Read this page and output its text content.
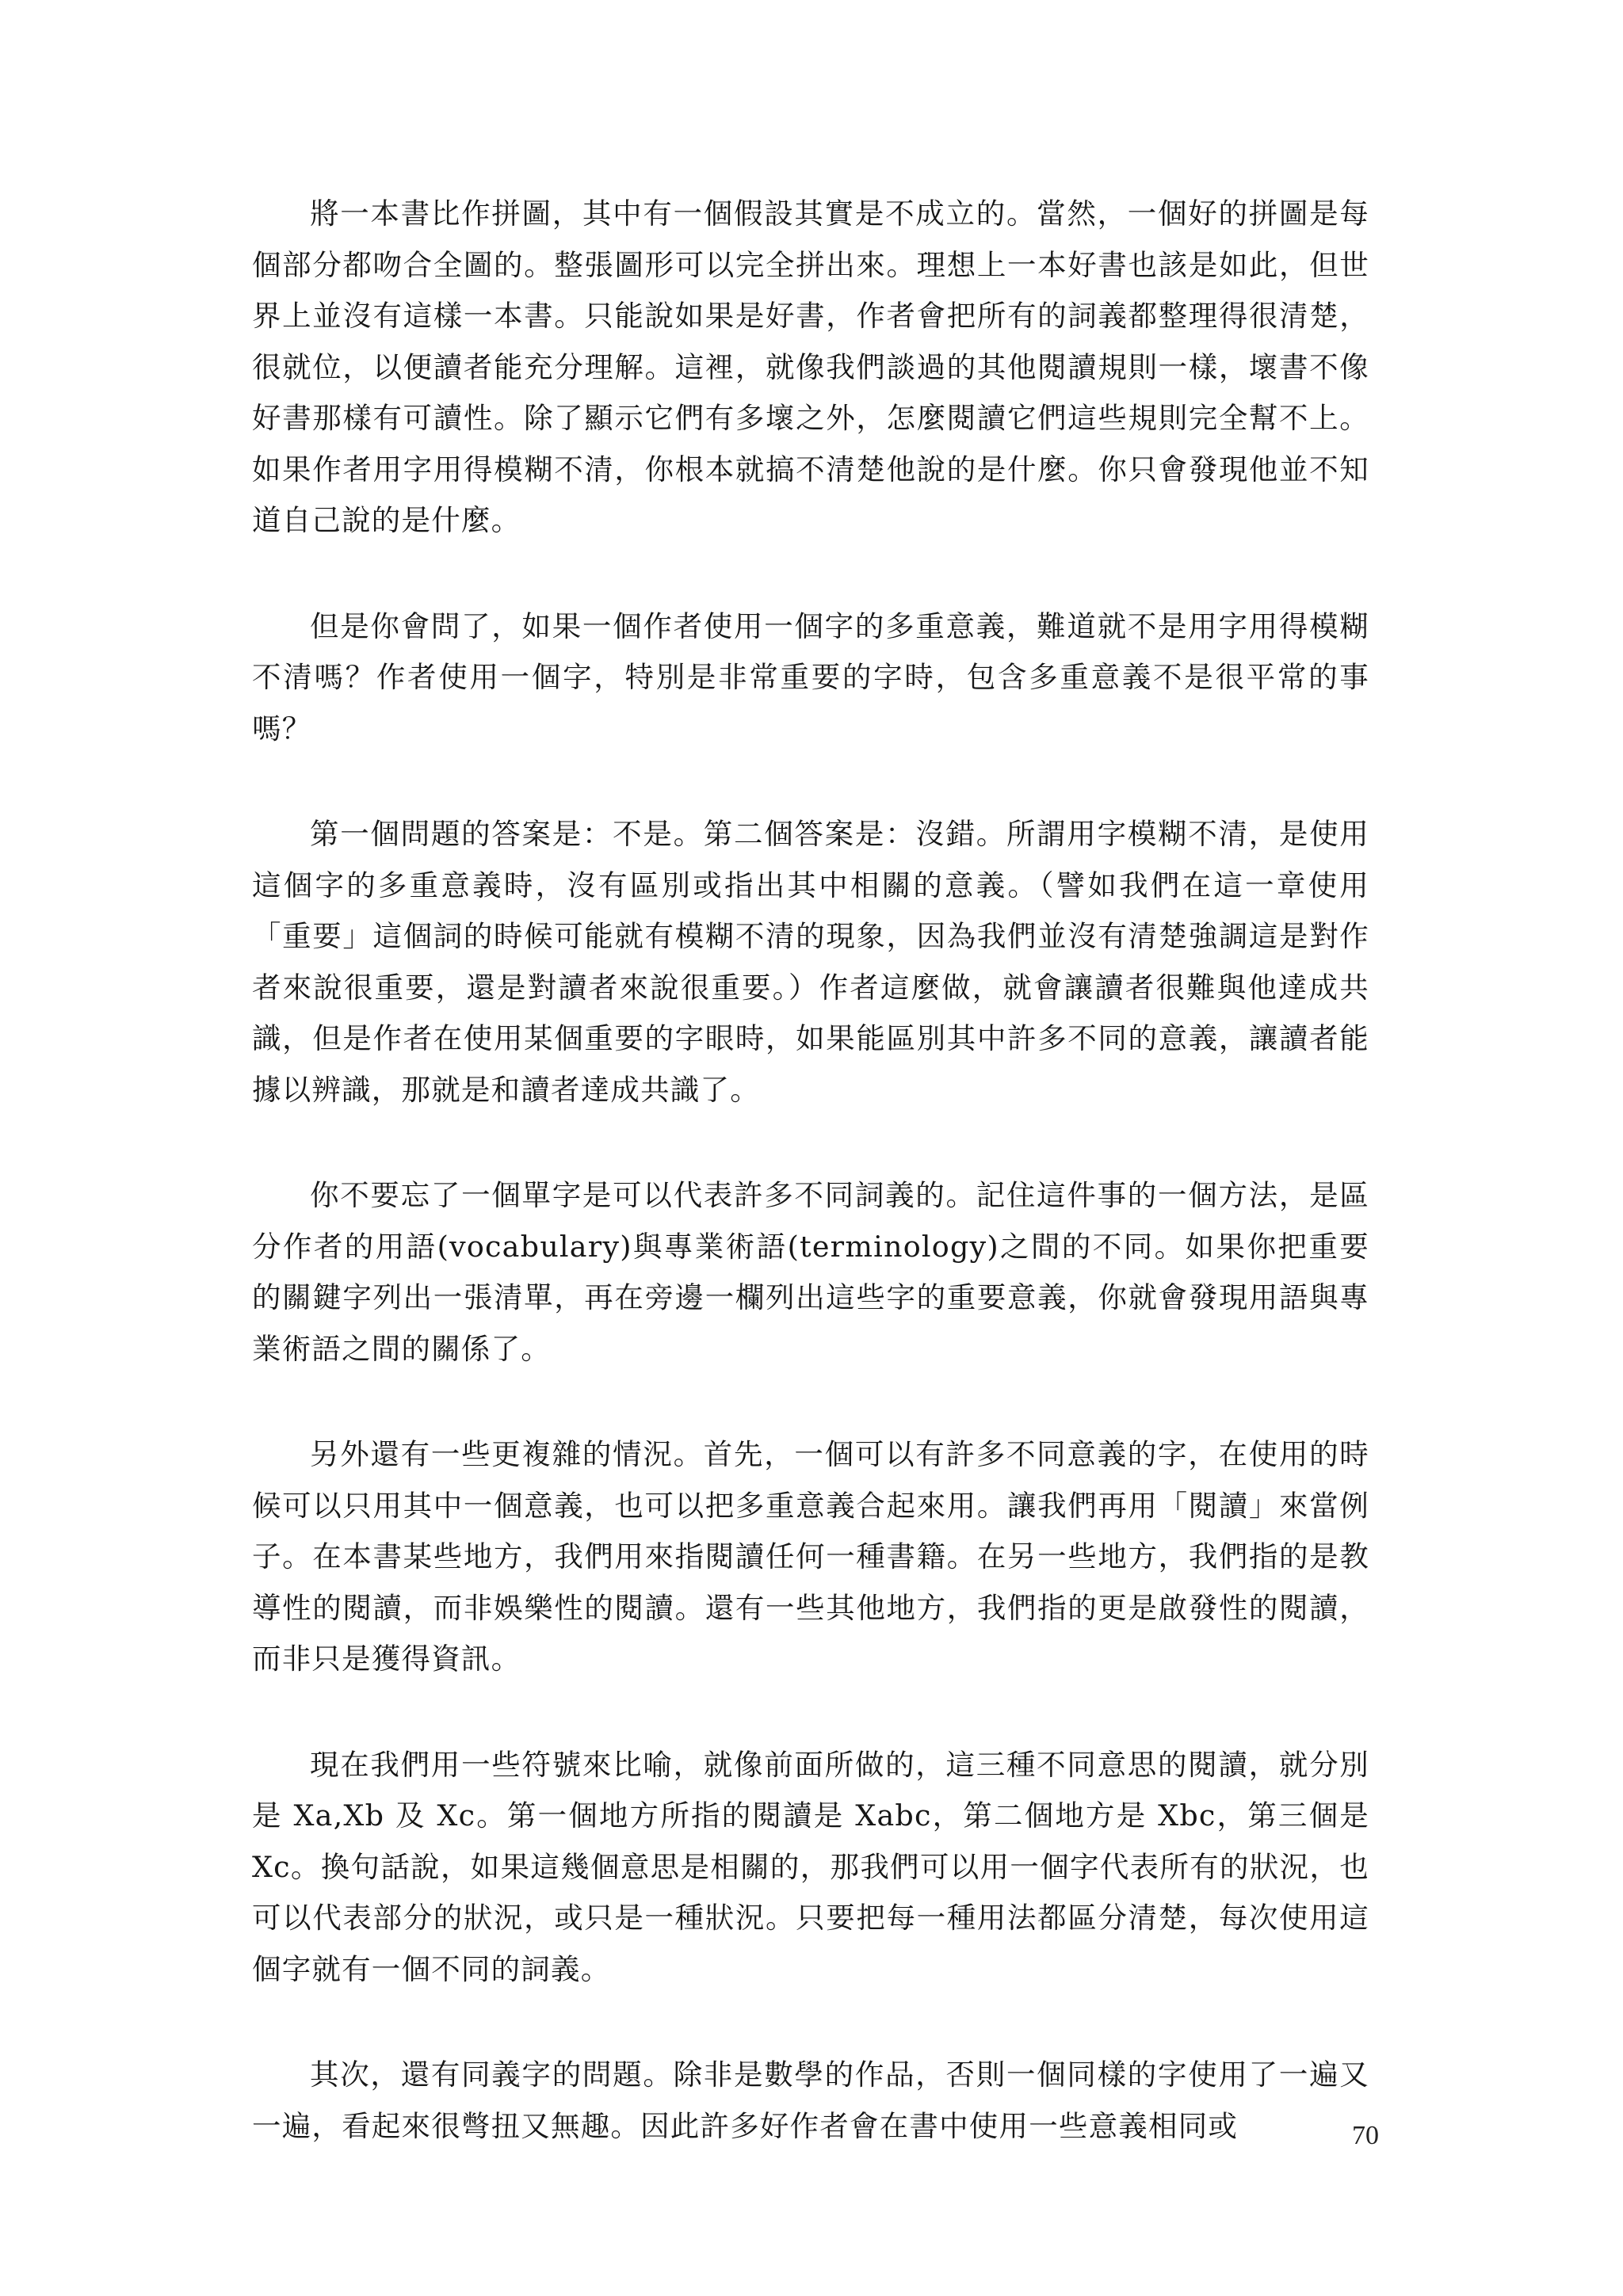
將一本書比作拼圖，其中有一個假設其實是不成立的。當然，一個好的拼圖是每個部分都吻合全圖的。整張圖形可以完全拼出來。理想上一本好書也該是如此，但世界上並沒有這樣一本書。只能說如果是好書，作者會把所有的詞義都整理得很清楚，很就位，以便讀者能充分理解。這裡，就像我們談過的其他閱讀規則一樣，壞書不像好書那樣有可讀性。除了顯示它們有多壞之外，怎麼閱讀它們這些規則完全幫不上。如果作者用字用得模糊不清，你根本就搞不清楚他說的是什麼。你只會發現他並不知道自己說的是什麼。

但是你會問了，如果一個作者使用一個字的多重意義，難道就不是用字用得模糊不清嗎？作者使用一個字，特別是非常重要的字時，包含多重意義不是很平常的事嗎？

第一個問題的答案是：不是。第二個答案是：沒錯。所謂用字模糊不清，是使用這個字的多重意義時，沒有區別或指出其中相關的意義。（譬如我們在這一章使用「重要」這個詞的時候可能就有模糊不清的現象，因為我們並沒有清楚強調這是對作者來說很重要，還是對讀者來說很重要。）作者這麼做，就會讓讀者很難與他達成共識，但是作者在使用某個重要的字眼時，如果能區別其中許多不同的意義，讓讀者能據以辨識，那就是和讀者達成共識了。

你不要忘了一個單字是可以代表許多不同詞義的。記住這件事的一個方法，是區分作者的用語(vocabulary)與專業術語(terminology)之間的不同。如果你把重要的關鍵字列出一張清單，再在旁邊一欄列出這些字的重要意義，你就會發現用語與專業術語之間的關係了。

另外還有一些更複雜的情況。首先，一個可以有許多不同意義的字，在使用的時候可以只用其中一個意義，也可以把多重意義合起來用。讓我們再用「閱讀」來當例子。在本書某些地方，我們用來指閱讀任何一種書籍。在另一些地方，我們指的是教導性的閱讀，而非娛樂性的閱讀。還有一些其他地方，我們指的更是啟發性的閱讀，而非只是獲得資訊。

現在我們用一些符號來比喻，就像前面所做的，這三種不同意思的閱讀，就分別是 Xa,Xb 及 Xc。第一個地方所指的閱讀是 Xabc，第二個地方是 Xbc，第三個是 Xc。換句話說，如果這幾個意思是相關的，那我們可以用一個字代表所有的狀況，也可以代表部分的狀況，或只是一種狀況。只要把每一種用法都區分清楚，每次使用這個字就有一個不同的詞義。

其次，還有同義字的問題。除非是數學的作品，否則一個同樣的字使用了一遍又一遍，看起來很彆扭又無趣。因此許多好作者會在書中使用一些意義相同或	70
